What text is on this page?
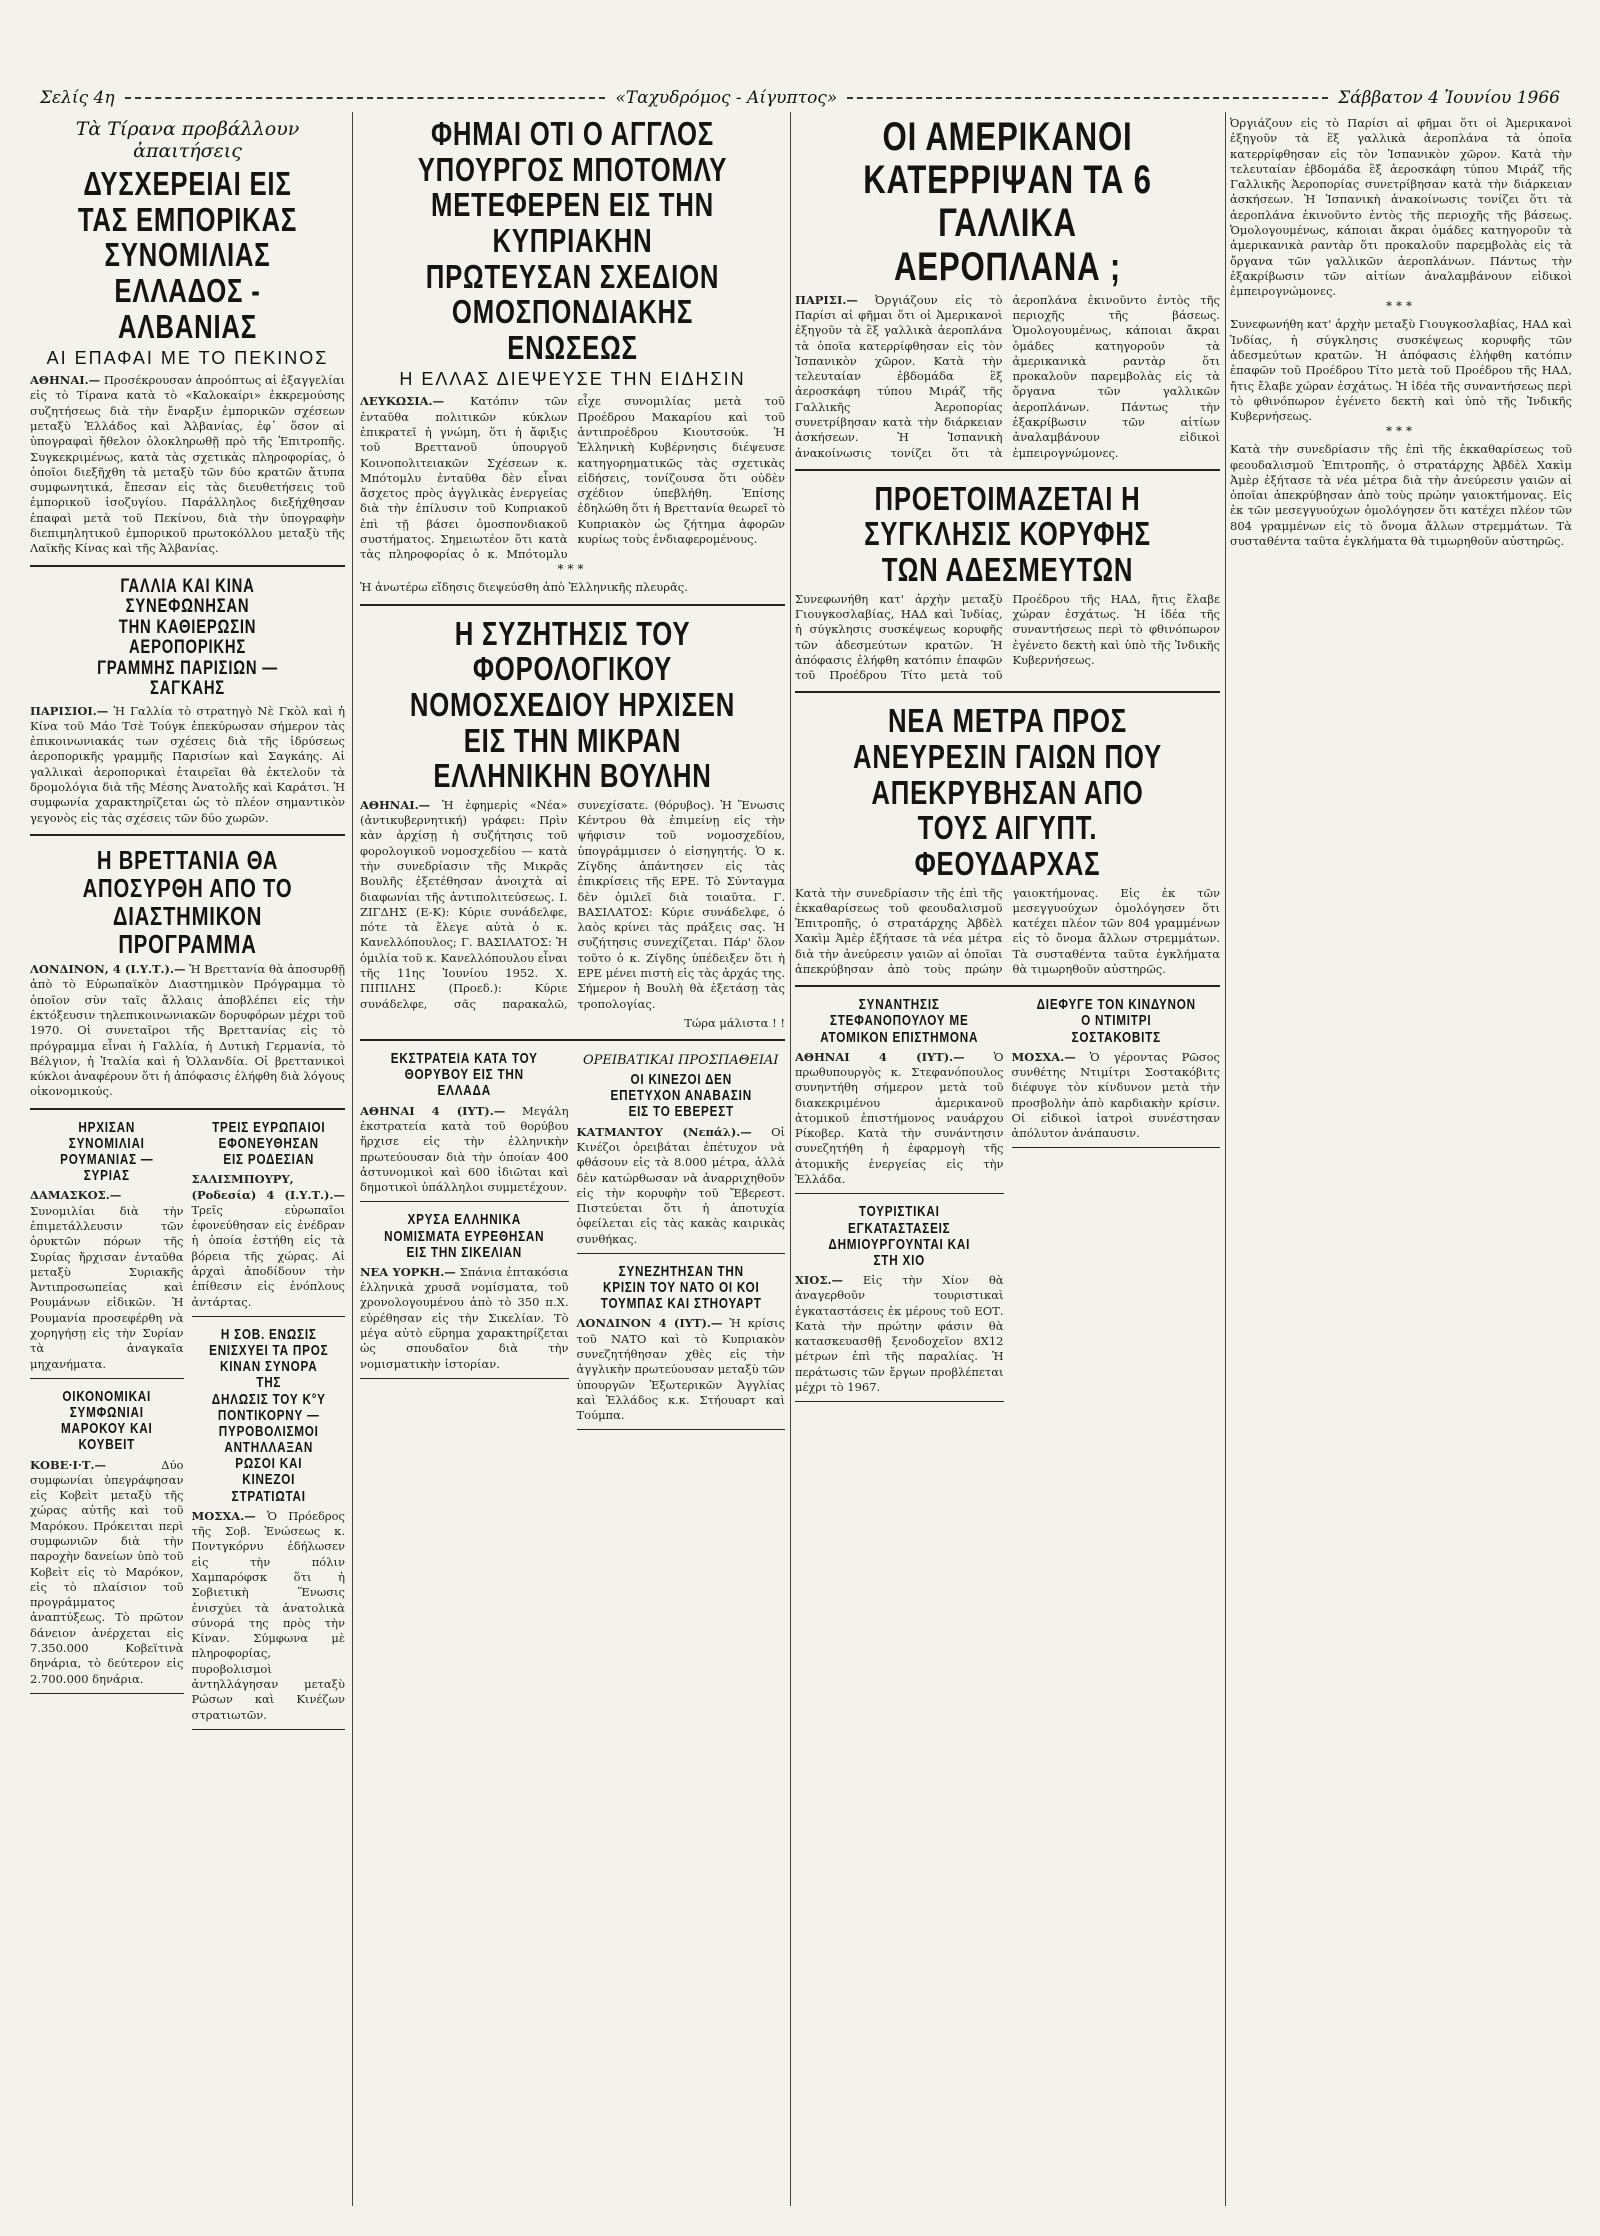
Σελίς 4η	«Ταχυδρόμος - Αίγυπτος»	Σάββατον 4 Ἰουνίου 1966
Τὰ Τίρανα προβάλλουν ἀπαιτήσεις
ΔΥΣΧΕΡΕΙΑΙ ΕΙΣ ΤΑΣ ΕΜΠΟΡΙΚΑΣ ΣΥΝΟΜΙΛΙΑΣ ΕΛΛΑΔΟΣ - ΑΛΒΑΝΙΑΣ
ΑΙ ΕΠΑΦΑΙ ΜΕ ΤΟ ΠΕΚΙΝΟΣ

ΑΘΗΝΑΙ.— Προσέκρουσαν ἀπροόπτως αἱ ἐξαγγελίαι εἰς τὸ Τίρανα κατὰ τὸ «Καλοκαίρι» ἐκκρεμούσης συζητήσεως διὰ τὴν ἔναρξιν ἐμπορικῶν σχέσεων μεταξὺ Ἑλλάδος καὶ Ἀλβανίας, ἐφ᾽ ὅσον αἱ ὑπογραφαὶ ἤθελον ὁλοκληρωθῇ πρὸ τῆς Ἐπιτροπῆς. Συγκεκριμένως, κατὰ τὰς σχετικὰς πληροφορίας, ὁ ὁποῖοι διεξῆχθη τὰ μεταξὺ τῶν δύο κρατῶν ἄτυπα συμφωνητικά, ἔπεσαν εἰς τὰς διευθετήσεις τοῦ ἐμπορικοῦ ἰσοζυγίου. Παράλληλος διεξήχθησαν ἐπαφαὶ μετὰ τοῦ Πεκίνου, διὰ τὴν ὑπογραφὴν διεπιμηλητικοῦ ἐμπορικοῦ πρωτοκόλλου μεταξὺ τῆς Λαϊκῆς Κίνας καὶ τῆς Ἀλβανίας.

ΓΑΛΛΙΑ ΚΑΙ ΚΙΝΑ ΣΥΝΕΦΩΝΗΣΑΝ
ΤΗΝ ΚΑΘΙΕΡΩΣΙΝ ΑΕΡΟΠΟΡΙΚΗΣ
ΓΡΑΜΜΗΣ ΠΑΡΙΣΙΩΝ — ΣΑΓΚΑΗΣ

ΠΑΡΙΣΙΟΙ.— Ἡ Γαλλία τὸ στρατηγὸ Νὲ Γκὸλ καὶ ἡ Κίνα τοῦ Μάο Τσὲ Τούγκ ἐπεκύρωσαν σήμερον τὰς ἐπικοινωνιακάς των σχέσεις διὰ τῆς ἱδρύσεως ἀεροπορικῆς γραμμῆς Παρισίων καὶ Σαγκάης. Αἱ γαλλικαὶ ἀεροπορικαὶ ἑταιρεῖαι θὰ ἐκτελοῦν τὰ δρομολόγια διὰ τῆς Μέσης Ἀνατολῆς καὶ Καράτσι. Ἡ συμφωνία χαρακτηρίζεται ὡς τὸ πλέον σημαντικὸν γεγονὸς εἰς τὰς σχέσεις τῶν δύο χωρῶν.

Η ΒΡΕΤΤΑΝΙΑ ΘΑ ΑΠΟΣΥΡΘΗ ΑΠΟ ΤΟ ΔΙΑΣΤΗΜΙΚΟΝ ΠΡΟΓΡΑΜΜΑ

ΛΟΝΔΙΝΟΝ, 4 (Ι.Υ.Τ.).— Ἡ Βρεττανία θὰ ἀποσυρθῇ ἀπὸ τὸ Εὐρωπαϊκὸν Διαστημικὸν Πρόγραμμα τὸ ὁποῖον σὺν ταῖς ἄλλαις ἀποβλέπει εἰς τὴν ἐκτόξευσιν τηλεπικοινωνιακῶν δορυφόρων μέχρι τοῦ 1970. Οἱ συνεταῖροι τῆς Βρεττανίας εἰς τὸ πρόγραμμα εἶναι ἡ Γαλλία, ἡ Δυτικὴ Γερμανία, τὸ Βέλγιον, ἡ Ἰταλία καὶ ἡ Ὁλλανδία. Οἱ βρεττανικοὶ κύκλοι ἀναφέρουν ὅτι ἡ ἀπόφασις ἐλήφθη διὰ λόγους οἰκονομικούς.

ΗΡΧΙΣΑΝ ΣΥΝΟΜΙΛΙΑΙ ΡΟΥΜΑΝΙΑΣ — ΣΥΡΙΑΣ

ΔΑΜΑΣΚΟΣ.— Συνομιλίαι διὰ τὴν ἐπιμετάλλευσιν τῶν ὀρυκτῶν πόρων τῆς Συρίας ἤρχισαν ἐνταῦθα μεταξὺ Συριακῆς Ἀντιπροσωπείας καὶ Ρουμάνων εἰδικῶν. Ἡ Ρουμανία προσεφέρθη νὰ χορηγήσῃ εἰς τὴν Συρίαν τὰ ἀναγκαῖα μηχανήματα.

ΟΙΚΟΝΟΜΙΚΑΙ ΣΥΜΦΩΝΙΑΙ ΜΑΡΟΚΟΥ ΚΑΙ ΚΟΥΒΕΙΤ

ΚΟΒΕ·Ι·Τ.—	Δύο συμφωνίαι ὑπεγράφησαν εἰς Κοβεὶτ μεταξὺ τῆς χώρας αὐτῆς καὶ τοῦ Μαρόκου. Πρόκειται περὶ συμφωνιῶν διὰ τὴν παροχὴν δανείων ὑπὸ τοῦ Κοβεὶτ εἰς τὸ Μαρόκον, εἰς τὸ πλαίσιον τοῦ προγράμματος ἀναπτύξεως. Τὸ πρῶτον δάνειον ἀνέρχεται εἰς 7.350.000 Κοβεϊτινὰ δηνάρια, τὸ δεύτερον εἰς 2.700.000 δηνάρια.

ΤΡΕΙΣ ΕΥΡΩΠΑΙΟΙ
ΕΦΟΝΕΥΘΗΣΑΝ ΕΙΣ ΡΟΔΕΣΙΑΝ

ΣΑΛΙΣΜΠΟΥΡΥ, (Ροδεσία) 4 (Ι.Υ.Τ.).— Τρεῖς εὐρωπαῖοι ἐφονεύθησαν εἰς ἐνέδραν ἡ ὁποία ἐστήθη εἰς τὰ βόρεια τῆς χώρας. Αἱ ἀρχαὶ ἀποδίδουν τὴν ἐπίθεσιν εἰς ἐνόπλους ἀντάρτας.

Η ΣΟΒ. ΕΝΩΣΙΣ ΕΝΙΣΧΥΕΙ ΤΑ ΠΡΟΣ ΚΙΝΑΝ ΣΥΝΟΡΑ ΤΗΣ
ΔΗΛΩΣΙΣ ΤΟΥ Κ°Υ ΠΟΝΤΙΚΟΡΝΥ — ΠΥΡΟΒΟΛΙΣΜΟΙ ΑΝΤΗΛΛΑΞΑΝ ΡΩΣΟΙ ΚΑΙ ΚΙΝΕΖΟΙ ΣΤΡΑΤΙΩΤΑΙ

ΜΟΣΧΑ.— Ὁ Πρόεδρος τῆς Σοβ. Ἑνώσεως κ. Ποντγκόρνυ ἐδήλωσεν εἰς τὴν πόλιν Χαμπαρόφσκ ὅτι ἡ Σοβιετικὴ Ἕνωσις ἐνισχύει τὰ ἀνατολικὰ σύνορά της πρὸς τὴν Κίναν. Σύμφωνα μὲ πληροφορίας, πυροβολισμοὶ ἀντηλλάγησαν μεταξὺ Ρώσων καὶ Κινέζων στρατιωτῶν.

ΦΗΜΑΙ ΟΤΙ Ο ΑΓΓΛΟΣ ΥΠΟΥΡΓΟΣ ΜΠΟΤΟΜΛΥ ΜΕΤΕΦΕΡΕΝ ΕΙΣ ΤΗΝ ΚΥΠΡΙΑΚΗΝ ΠΡΩΤΕΥΣΑΝ ΣΧΕΔΙΟΝ ΟΜΟΣΠΟΝΔΙΑΚΗΣ ΕΝΩΣΕΩΣ
Η ΕΛΛΑΣ ΔΙΕΨΕΥΣΕ ΤΗΝ ΕΙΔΗΣΙΝ

ΛΕΥΚΩΣΙΑ.— Κατόπιν τῶν ἐνταῦθα πολιτικῶν κύκλων ἐπικρατεῖ ἡ γνώμη, ὅτι ἡ ἄφιξις τοῦ Βρεττανοῦ ὑπουργοῦ Κοινοπολιτειακῶν Σχέσεων κ. Μπότομλυ ἐνταῦθα δὲν εἶναι ἄσχετος πρὸς ἀγγλικὰς ἐνεργείας διὰ τὴν ἐπίλυσιν τοῦ Κυπριακοῦ ἐπὶ τῇ βάσει ὁμοσπονδιακοῦ συστήματος. Σημειωτέον ὅτι κατὰ τὰς πληροφορίας ὁ κ. Μπότομλυ εἶχε συνομιλίας μετὰ τοῦ Προέδρου Μακαρίου καὶ τοῦ ἀντιπροέδρου Κιουτσούκ. Ἡ Ἑλληνικὴ Κυβέρνησις διέψευσε κατηγορηματικῶς τὰς σχετικὰς εἰδήσεις, τονίζουσα ὅτι οὐδὲν σχέδιον ὑπεβλήθη. Ἐπίσης ἐδηλώθη ὅτι ἡ Βρεττανία θεωρεῖ τὸ Κυπριακὸν ὡς ζήτημα ἀφορῶν κυρίως τοὺς ἐνδιαφερομένους.

***

Ἡ ἀνωτέρω εἴδησις διεψεύσθη ἀπὸ Ἑλληνικῆς πλευρᾶς.

Η ΣΥΖΗΤΗΣΙΣ ΤΟΥ ΦΟΡΟΛΟΓΙΚΟΥ ΝΟΜΟΣΧΕΔΙΟΥ ΗΡΧΙΣΕΝ ΕΙΣ ΤΗΝ ΜΙΚΡΑΝ ΕΛΛΗΝΙΚΗΝ ΒΟΥΛΗΝ

ΑΘΗΝΑΙ.— Ἡ ἐφημερὶς «Νέα» (ἀντικυβερνητική) γράφει: Πρὶν κὰν ἀρχίσῃ ἡ συζήτησις τοῦ φορολογικοῦ νομοσχεδίου — κατὰ τὴν συνεδρίασιν τῆς Μικρᾶς Βουλῆς ἐξετέθησαν ἀνοιχτὰ αἱ διαφωνίαι τῆς ἀντιπολιτεύσεως. Ι. ΖΙΓΔΗΣ (Ε-Κ): Κύριε συνάδελφε, πότε τὰ ἔλεγε αὐτὰ ὁ κ. Κανελλόπουλος; Γ. ΒΑΣΙΛΑΤΟΣ: Ἡ ὁμιλία τοῦ κ. Κανελλόπουλου εἶναι τῆς 11ης Ἰουνίου 1952. Χ. ΠΙΠΙΛΗΣ (Προεδ.): Κύριε συνάδελφε, σᾶς παρακαλῶ, συνεχίσατε. (θόρυβος). Ἡ Ἕνωσις Κέντρου θὰ ἐπιμείνῃ εἰς τὴν ψήφισιν τοῦ νομοσχεδίου, ὑπογράμμισεν ὁ εἰσηγητής. Ὁ κ. Ζίγδης ἀπάντησεν εἰς τὰς ἐπικρίσεις τῆς ΕΡΕ. Τὸ Σύνταγμα δὲν ὁμιλεῖ διὰ τοιαῦτα. Γ. ΒΑΣΙΛΑΤΟΣ: Κύριε συνάδελφε, ὁ λαὸς κρίνει τὰς πράξεις σας. Ἡ συζήτησις συνεχίζεται. Πάρ' ὅλον τοῦτο ὁ κ. Ζίγδης ὑπέδειξεν ὅτι ἡ ΕΡΕ μένει πιστὴ εἰς τὰς ἀρχάς της. Σήμερον ἡ Βουλὴ θὰ ἐξετάσῃ τὰς τροπολογίας.

Τώρα μάλιστα ! !

ΕΚΣΤΡΑΤΕΙΑ ΚΑΤΑ ΤΟΥ ΘΟΡΥΒΟΥ ΕΙΣ ΤΗΝ ΕΛΛΑΔΑ

ΑΘΗΝΑΙ 4 (ΙΥΤ).— Μεγάλη ἐκστρατεία κατὰ τοῦ θορύβου ἤρχισε εἰς τὴν ἑλληνικὴν πρωτεύουσαν διὰ τὴν ὁποίαν 400 ἀστυνομικοὶ καὶ 600 ἰδιῶται καὶ δημοτικοὶ ὑπάλληλοι συμμετέχουν.

ΧΡΥΣΑ ΕΛΛΗΝΙΚΑ ΝΟΜΙΣΜΑΤΑ ΕΥΡΕΘΗΣΑΝ ΕΙΣ ΤΗΝ ΣΙΚΕΛΙΑΝ

ΝΕΑ ΥΟΡΚΗ.— Σπάνια ἑπτακόσια ἑλληνικὰ χρυσᾶ νομίσματα, τοῦ χρονολογουμένου ἀπὸ τὸ 350 π.Χ. εὑρέθησαν εἰς τὴν Σικελίαν. Τὸ μέγα αὐτὸ εὕρημα χαρακτηρίζεται ὡς σπουδαῖον διὰ τὴν νομισματικὴν ἱστορίαν.

ΟΡΕΙΒΑΤΙΚΑΙ ΠΡΟΣΠΑΘΕΙΑΙ
ΟΙ ΚΙΝΕΖΟΙ ΔΕΝ ΕΠΕΤΥΧΟΝ ΑΝΑΒΑΣΙΝ ΕΙΣ ΤΟ ΕΒΕΡΕΣΤ

ΚΑΤΜΑΝΤΟΥ (Νεπάλ).— Οἱ Κινέζοι ὀρειβάται ἐπέτυχον νὰ φθάσουν εἰς τὰ 8.000 μέτρα, ἀλλὰ δὲν κατώρθωσαν νὰ ἀναρριχηθοῦν εἰς τὴν κορυφὴν τοῦ Ἔβερεστ. Πιστεύεται ὅτι ἡ ἀποτυχία ὀφείλεται εἰς τὰς κακὰς καιρικὰς συνθήκας.

ΣΥΝΕΖΗΤΗΣΑΝ ΤΗΝ ΚΡΙΣΙΝ ΤΟΥ ΝΑΤΟ ΟΙ ΚΟΙ ΤΟΥΜΠΑΣ ΚΑΙ ΣΤΗΟΥΑΡΤ

ΛΟΝΔΙΝΟΝ 4 (ΙΥΤ).— Ἡ κρίσις τοῦ ΝΑΤΟ καὶ τὸ Κυπριακὸν συνεζητήθησαν χθὲς εἰς τὴν ἀγγλικὴν πρωτεύουσαν μεταξὺ τῶν ὑπουργῶν Ἐξωτερικῶν Ἀγγλίας καὶ Ἑλλάδος κ.κ. Στήουαρτ καὶ Τούμπα.

ΟΙ ΑΜΕΡΙΚΑΝΟΙ ΚΑΤΕΡΡΙΨΑΝ ΤΑ 6 ΓΑΛΛΙΚΑ ΑΕΡΟΠΛΑΝΑ ;

ΠΑΡΙΣΙ.— Ὀργιάζουν εἰς τὸ Παρίσι αἱ φῆμαι ὅτι οἱ Ἀμερικανοὶ ἐξηγοῦν τὰ ἓξ γαλλικὰ ἀεροπλάνα τὰ ὁποῖα κατερρίφθησαν εἰς τὸν Ἰσπανικὸν χῶρον. Κατὰ τὴν τελευταίαν ἑβδομάδα ἓξ ἀεροσκάφη τύπου Μιράζ τῆς Γαλλικῆς Ἀεροπορίας συνετρίβησαν κατὰ τὴν διάρκειαν ἀσκήσεων. Ἡ Ἰσπανικὴ ἀνακοίνωσις τονίζει ὅτι τὰ ἀεροπλάνα ἐκινοῦντο ἐντὸς τῆς περιοχῆς τῆς βάσεως. Ὁμολογουμένως, κάποιαι ἄκραι ὁμάδες κατηγοροῦν τὰ ἀμερικανικὰ ραντὰρ ὅτι προκαλοῦν παρεμβολὰς εἰς τὰ ὄργανα τῶν γαλλικῶν ἀεροπλάνων. Πάντως τὴν ἐξακρίβωσιν τῶν αἰτίων ἀναλαμβάνουν εἰδικοὶ ἐμπειρογνώμονες.

ΠΡΟΕΤΟΙΜΑΖΕΤΑΙ Η ΣΥΓΚΛΗΣΙΣ ΚΟΡΥΦΗΣ ΤΩΝ ΑΔΕΣΜΕΥΤΩΝ

Συνεφωνήθη κατ' ἀρχὴν μεταξὺ Γιουγκοσλαβίας, ΗΑΔ καὶ Ἰνδίας, ἡ σύγκλησις συσκέψεως κορυφῆς τῶν ἀδεσμεύτων κρατῶν. Ἡ ἀπόφασις ἐλήφθη κατόπιν ἐπαφῶν τοῦ Προέδρου Τίτο μετὰ τοῦ Προέδρου τῆς ΗΑΔ, ἤτις ἔλαβε χώραν ἐσχάτως. Ἡ ἰδέα τῆς συναντήσεως περὶ τὸ φθινόπωρον ἐγένετο δεκτὴ καὶ ὑπὸ τῆς Ἰνδικῆς Κυβερνήσεως.

ΝΕΑ ΜΕΤΡΑ ΠΡΟΣ ΑΝΕΥΡΕΣΙΝ ΓΑΙΩΝ ΠΟΥ ΑΠΕΚΡΥΒΗΣΑΝ ΑΠΟ ΤΟΥΣ ΑΙΓΥΠΤ. ΦΕΟΥΔΑΡΧΑΣ

Κατὰ τὴν συνεδρίασιν τῆς ἐπὶ τῆς ἐκκαθαρίσεως τοῦ φεουδαλισμοῦ Ἐπιτροπῆς, ὁ στρατάρχης Ἀβδὲλ Χακὶμ Ἀμὲρ ἐξήτασε τὰ νέα μέτρα διὰ τὴν ἀνεύρεσιν γαιῶν αἱ ὁποῖαι ἀπεκρύβησαν ἀπὸ τοὺς πρώην γαιοκτήμονας. Εἰς ἐκ τῶν μεσεγγυούχων ὁμολόγησεν ὅτι κατέχει πλέον τῶν 804 γραμμένων εἰς τὸ ὄνομα ἄλλων στρεμμάτων. Τὰ συσταθέντα ταῦτα ἐγκλήματα θὰ τιμωρηθοῦν αὐστηρῶς.

ΣΥΝΑΝΤΗΣΙΣ ΣΤΕΦΑΝΟΠΟΥΛΟΥ ΜΕ ΑΤΟΜΙΚΟΝ ΕΠΙΣΤΗΜΟΝΑ

ΑΘΗΝΑΙ 4 (ΙΥΤ).—	Ὁ πρωθυπουργὸς κ. Στεφανόπουλος συνηντήθη σήμερον μετὰ τοῦ διακεκριμένου ἀμερικανοῦ ἀτομικοῦ ἐπιστήμονος ναυάρχου Ρίκοβερ. Κατὰ τὴν συνάντησιν συνεζητήθη ἡ ἐφαρμογὴ τῆς ἀτομικῆς ἐνεργείας εἰς τὴν Ἑλλάδα.

ΤΟΥΡΙΣΤΙΚΑΙ ΕΓΚΑΤΑΣΤΑΣΕΙΣ ΔΗΜΙΟΥΡΓΟΥΝΤΑΙ ΚΑΙ ΣΤΗ ΧΙΟ

ΧΙΟΣ.— Εἰς τὴν Χίον θὰ ἀναγερθοῦν τουριστικαὶ ἐγκαταστάσεις ἐκ μέρους τοῦ ΕΟΤ. Κατὰ τὴν πρώτην φάσιν θὰ κατασκευασθῇ ξενοδοχεῖον 8Χ12 μέτρων ἐπὶ τῆς παραλίας. Ἡ περάτωσις τῶν ἔργων προβλέπεται μέχρι τὸ 1967.

ΔΙΕΦΥΓΕ ΤΟΝ ΚΙΝΔΥΝΟΝ Ο ΝΤΙΜΙΤΡΙ ΣΟΣΤΑΚΟΒΙΤΣ

ΜΟΣΧΑ.— Ὁ γέροντας Ρῶσος συνθέτης Ντιμίτρι Σοστακόβιτς διέφυγε τὸν κίνδυνον μετὰ τὴν προσβολὴν ἀπὸ καρδιακὴν κρίσιν. Οἱ εἰδικοὶ ἰατροὶ συνέστησαν ἀπόλυτον ἀνάπαυσιν.

Ὀργιάζουν εἰς τὸ Παρίσι αἱ φῆμαι ὅτι οἱ Ἀμερικανοὶ ἐξηγοῦν τὰ ἓξ γαλλικὰ ἀεροπλάνα τὰ ὁποῖα κατερρίφθησαν εἰς τὸν Ἰσπανικὸν χῶρον. Κατὰ τὴν τελευταίαν ἑβδομάδα ἓξ ἀεροσκάφη τύπου Μιράζ τῆς Γαλλικῆς Ἀεροπορίας συνετρίβησαν κατὰ τὴν διάρκειαν ἀσκήσεων. Ἡ Ἰσπανικὴ ἀνακοίνωσις τονίζει ὅτι τὰ ἀεροπλάνα ἐκινοῦντο ἐντὸς τῆς περιοχῆς τῆς βάσεως. Ὁμολογουμένως, κάποιαι ἄκραι ὁμάδες κατηγοροῦν τὰ ἀμερικανικὰ ραντὰρ ὅτι προκαλοῦν παρεμβολὰς εἰς τὰ ὄργανα τῶν γαλλικῶν ἀεροπλάνων. Πάντως τὴν ἐξακρίβωσιν τῶν αἰτίων ἀναλαμβάνουν εἰδικοὶ ἐμπειρογνώμονες.

***

Συνεφωνήθη κατ' ἀρχὴν μεταξὺ Γιουγκοσλαβίας, ΗΑΔ καὶ Ἰνδίας, ἡ σύγκλησις συσκέψεως κορυφῆς τῶν ἀδεσμεύτων κρατῶν. Ἡ ἀπόφασις ἐλήφθη κατόπιν ἐπαφῶν τοῦ Προέδρου Τίτο μετὰ τοῦ Προέδρου τῆς ΗΑΔ, ἤτις ἔλαβε χώραν ἐσχάτως. Ἡ ἰδέα τῆς συναντήσεως περὶ τὸ φθινόπωρον ἐγένετο δεκτὴ καὶ ὑπὸ τῆς Ἰνδικῆς Κυβερνήσεως.

***

Κατὰ τὴν συνεδρίασιν τῆς ἐπὶ τῆς ἐκκαθαρίσεως τοῦ φεουδαλισμοῦ Ἐπιτροπῆς, ὁ στρατάρχης Ἀβδὲλ Χακὶμ Ἀμὲρ ἐξήτασε τὰ νέα μέτρα διὰ τὴν ἀνεύρεσιν γαιῶν αἱ ὁποῖαι ἀπεκρύβησαν ἀπὸ τοὺς πρώην γαιοκτήμονας. Εἰς ἐκ τῶν μεσεγγυούχων ὁμολόγησεν ὅτι κατέχει πλέον τῶν 804 γραμμένων εἰς τὸ ὄνομα ἄλλων στρεμμάτων. Τὰ συσταθέντα ταῦτα ἐγκλήματα θὰ τιμωρηθοῦν αὐστηρῶς.
